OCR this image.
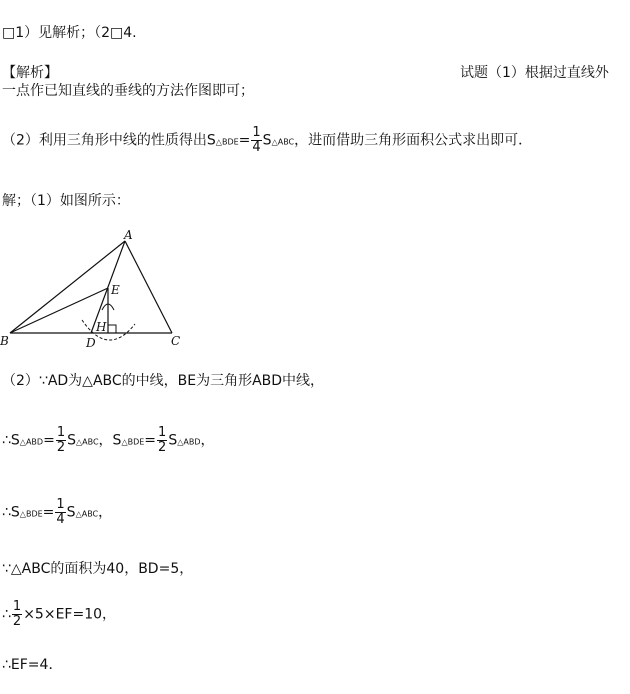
□1）见解析；（2□4.
【解析】	试题（1）根据过直线外
一点作已知直线的垂线的方法作图即可；
（2）利用三角形中线的性质得出S△BDE= $\frac{1}{4}$ S△ABC，进而借助三角形面积公式求出即可．
解；（1）如图所示：
A
B	C
D
E
H
（2）∵AD为△ABC的中线，BE为三角形ABD中线，
∴S△ABD= $\frac{1}{2}$ S△ABC，S△BDE= $\frac{1}{2}$ S△ABD，
∴S△BDE= $\frac{1}{4}$ S△ABC，
∵△ABC的面积为40，BD=5，
∴ $\frac{1}{2} \times 5\times EF=10$，
∴EF=4．
